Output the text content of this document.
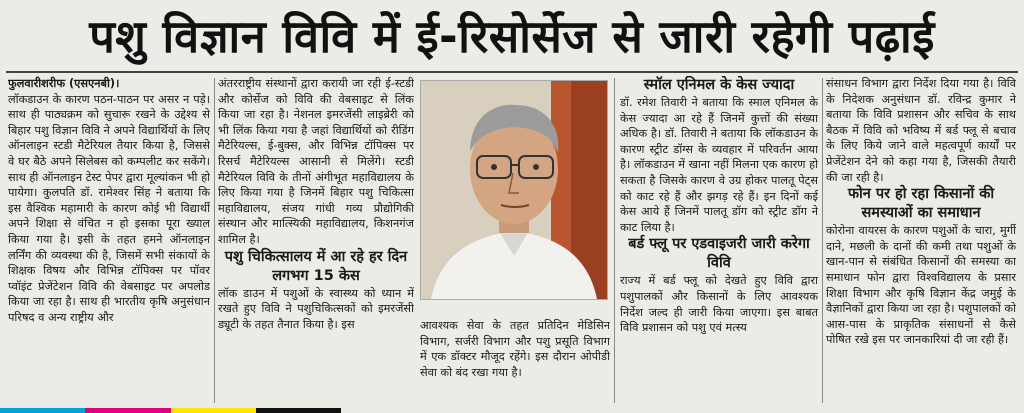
पशु विज्ञान विवि में ई-रिसोर्सेज से जारी रहेगी पढ़ाई

फुलवारीशरीफ (एसएनबी)।

लॉकडाउन के कारण पठन-पाठन पर असर न पड़े। साथ ही पाठ्यक्रम को सुचारू रखने के उद्देश्य से बिहार पशु विज्ञान विवि ने अपने विद्यार्थियों के लिए ऑनलाइन स्टडी मैटेरियल तैयार किया है, जिससे वे घर बैठे अपने सिलेबस को कम्पलीट कर सकेंगे। साथ ही ऑनलाइन टेस्ट पेपर द्वारा मूल्यांकन भी हो पायेगा। कुलपति डॉ. रामेश्वर सिंह ने बताया कि इस वैश्विक महामारी के कारण कोई भी विद्यार्थी अपने शिक्षा से वंचित न हो इसका पूरा ख्याल किया गया है। इसी के तहत हमने ऑनलाइन लर्निंग की व्यवस्था की है, जिसमें सभी संकायों के शिक्षक विषय और विभिन्न टॉपिक्स पर पॉवर प्वॉइंट प्रेजेंटेशन विवि की वेबसाइट पर अपलोड किया जा रहा है। साथ ही भारतीय कृषि अनुसंधान परिषद व अन्य राष्ट्रीय और

अंतरराष्ट्रीय संस्थानों द्वारा करायी जा रही ई-स्टडी और कोर्सेज को विवि की वेबसाइट से लिंक किया जा रहा है। नेशनल इमरजेंसी लाइब्रेरी को भी लिंक किया गया है जहां विद्यार्थियों को रीडिंग मैटेरियल्स, ई-बुक्स, और विभिन्न टॉपिक्स पर रिसर्च मैटेरियल्स आसानी से मिलेंगे। स्टडी मैटेरियल विवि के तीनों अंगीभूत महाविद्यालय के लिए किया गया है जिनमें बिहार पशु चिकित्सा महाविद्यालय, संजय गांधी गव्य प्रौद्योगिकी संस्थान और मात्स्यिकी महाविद्यालय, किशनगंज शामिल है।

पशु चिकित्सालय में आ रहे हर दिन लगभग 15 केस

लॉक डाउन में पशुओं के स्वास्थ्य को ध्यान में रखते हुए विवि ने पशुचिकित्सकों को इमरजेंसी ड्यूटी के तहत तैनात किया है। इस	आवश्यक सेवा के तहत प्रतिदिन मेडिसिन विभाग, सर्जरी विभाग और पशु प्रसूति विभाग में एक डॉक्टर मौजूद रहेंगे। इस दौरान ओपीडी सेवा को बंद रखा गया है।

स्मॉल एनिमल के केस ज्यादा

डॉ. रमेश तिवारी ने बताया कि स्माल एनिमल के केस ज्यादा आ रहे हैं जिनमें कुत्तों की संख्या अधिक है। डॉ. तिवारी ने बताया कि लॉकडाउन के कारण स्ट्रीट डॉग्स के व्यवहार में परिवर्तन आया है। लॉकडाउन में खाना नहीं मिलना एक कारण हो सकता है जिसके कारण वे उग्र होकर पालतू पेट्स को काट रहे हैं और झगड़ रहे हैं। इन दिनों कई केस आये हैं जिनमें पालतू डॉग को स्ट्रीट डॉग ने काट लिया है।

बर्ड फ्लू पर एडवाइजरी जारी करेगा विवि

राज्य में बर्ड फ्लू को देखते हुए विवि द्वारा पशुपालकों और किसानों के लिए आवश्यक निर्देश जल्द ही जारी किया जाएगा। इस बाबत विवि प्रशासन को पशु एवं मत्स्य

संसाधन विभाग द्वारा निर्देश दिया गया है। विवि के निदेशक अनुसंधान डॉ. रविन्द्र कुमार ने बताया कि विवि प्रशासन और सचिव के साथ बैठक में विवि को भविष्य में बर्ड फ्लू से बचाव के लिए किये जाने वाले महत्वपूर्ण कार्यों पर प्रेजेंटेशन देने को कहा गया है, जिसकी तैयारी की जा रही है।

फोन पर हो रहा किसानों की समस्याओं का समाधान

कोरोना वायरस के कारण पशुओं के चारा, मुर्गी दाने, मछली के दानों की कमी तथा पशुओं के खान-पान से संबंधित किसानों की समस्या का समाधान फोन द्वारा विश्वविद्यालय के प्रसार शिक्षा विभाग और कृषि विज्ञान केंद्र जमुई के वैज्ञानिकों द्वारा किया जा रहा है। पशुपालकों को आस-पास के प्राकृतिक संसाधनों से कैसे पोषित रखे इस पर जानकारियां दी जा रही हैं।
